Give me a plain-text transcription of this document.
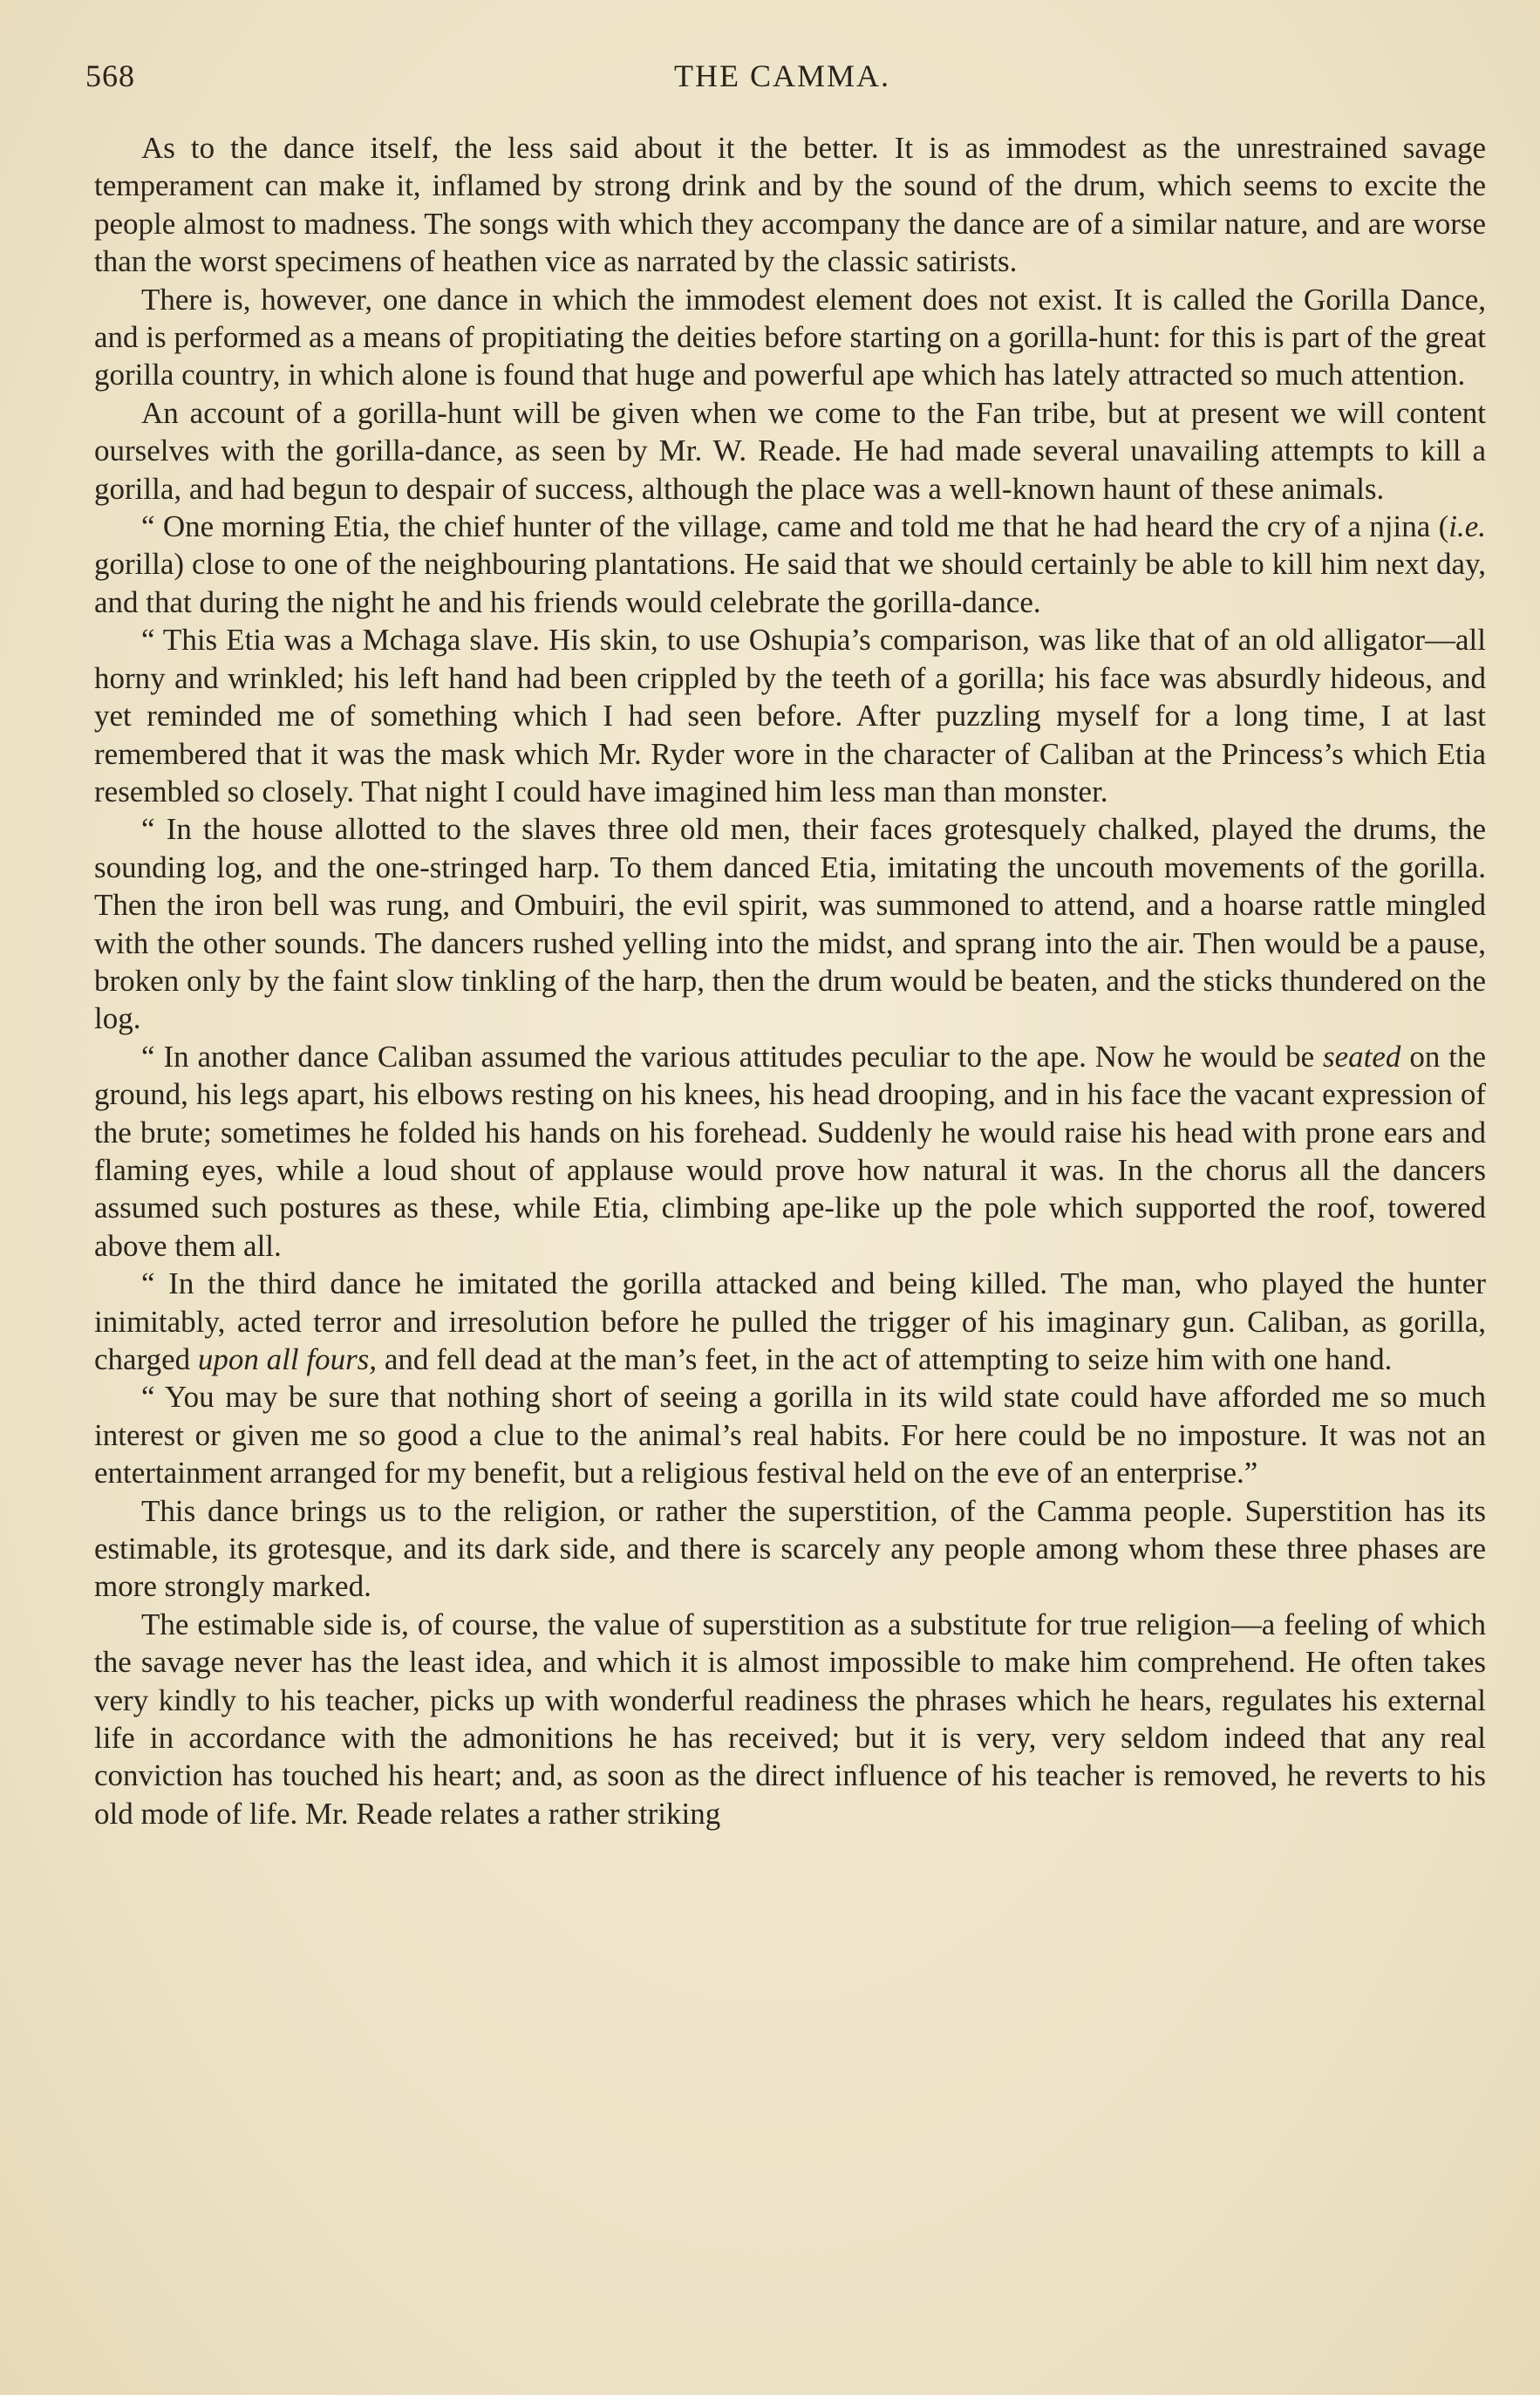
568	THE CAMMA.

As to the dance itself, the less said about it the better. It is as immodest as the unrestrained savage temperament can make it, inflamed by strong drink and by the sound of the drum, which seems to excite the people almost to madness. The songs with which they accompany the dance are of a similar nature, and are worse than the worst specimens of heathen vice as narrated by the classic satirists.

There is, however, one dance in which the immodest element does not exist. It is called the Gorilla Dance, and is performed as a means of propitiating the deities before starting on a gorilla-hunt: for this is part of the great gorilla country, in which alone is found that huge and powerful ape which has lately attracted so much attention.

An account of a gorilla-hunt will be given when we come to the Fan tribe, but at present we will content ourselves with the gorilla-dance, as seen by Mr. W. Reade. He had made several unavailing attempts to kill a gorilla, and had begun to despair of success, although the place was a well-known haunt of these animals.

“ One morning Etia, the chief hunter of the village, came and told me that he had heard the cry of a njina (i.e. gorilla) close to one of the neighbouring plantations. He said that we should certainly be able to kill him next day, and that during the night he and his friends would celebrate the gorilla-dance.

“ This Etia was a Mchaga slave. His skin, to use Oshupia’s comparison, was like that of an old alligator—all horny and wrinkled; his left hand had been crippled by the teeth of a gorilla; his face was absurdly hideous, and yet reminded me of something which I had seen before. After puzzling myself for a long time, I at last remembered that it was the mask which Mr. Ryder wore in the character of Caliban at the Princess’s which Etia resembled so closely. That night I could have imagined him less man than monster.

“ In the house allotted to the slaves three old men, their faces grotesquely chalked, played the drums, the sounding log, and the one-stringed harp. To them danced Etia, imitating the uncouth movements of the gorilla. Then the iron bell was rung, and Ombuiri, the evil spirit, was summoned to attend, and a hoarse rattle mingled with the other sounds. The dancers rushed yelling into the midst, and sprang into the air. Then would be a pause, broken only by the faint slow tinkling of the harp, then the drum would be beaten, and the sticks thundered on the log.

“ In another dance Caliban assumed the various attitudes peculiar to the ape. Now he would be seated on the ground, his legs apart, his elbows resting on his knees, his head drooping, and in his face the vacant expression of the brute; sometimes he folded his hands on his forehead. Suddenly he would raise his head with prone ears and flaming eyes, while a loud shout of applause would prove how natural it was. In the chorus all the dancers assumed such postures as these, while Etia, climbing ape-like up the pole which supported the roof, towered above them all.

“ In the third dance he imitated the gorilla attacked and being killed. The man, who played the hunter inimitably, acted terror and irresolution before he pulled the trigger of his imaginary gun. Caliban, as gorilla, charged upon all fours, and fell dead at the man’s feet, in the act of attempting to seize him with one hand.

“ You may be sure that nothing short of seeing a gorilla in its wild state could have afforded me so much interest or given me so good a clue to the animal’s real habits. For here could be no imposture. It was not an entertainment arranged for my benefit, but a religious festival held on the eve of an enterprise.”

This dance brings us to the religion, or rather the superstition, of the Camma people. Superstition has its estimable, its grotesque, and its dark side, and there is scarcely any people among whom these three phases are more strongly marked.

The estimable side is, of course, the value of superstition as a substitute for true religion—a feeling of which the savage never has the least idea, and which it is almost impossible to make him comprehend. He often takes very kindly to his teacher, picks up with wonderful readiness the phrases which he hears, regulates his external life in accordance with the admonitions he has received; but it is very, very seldom indeed that any real conviction has touched his heart; and, as soon as the direct influence of his teacher is removed, he reverts to his old mode of life. Mr. Reade relates a rather striking
